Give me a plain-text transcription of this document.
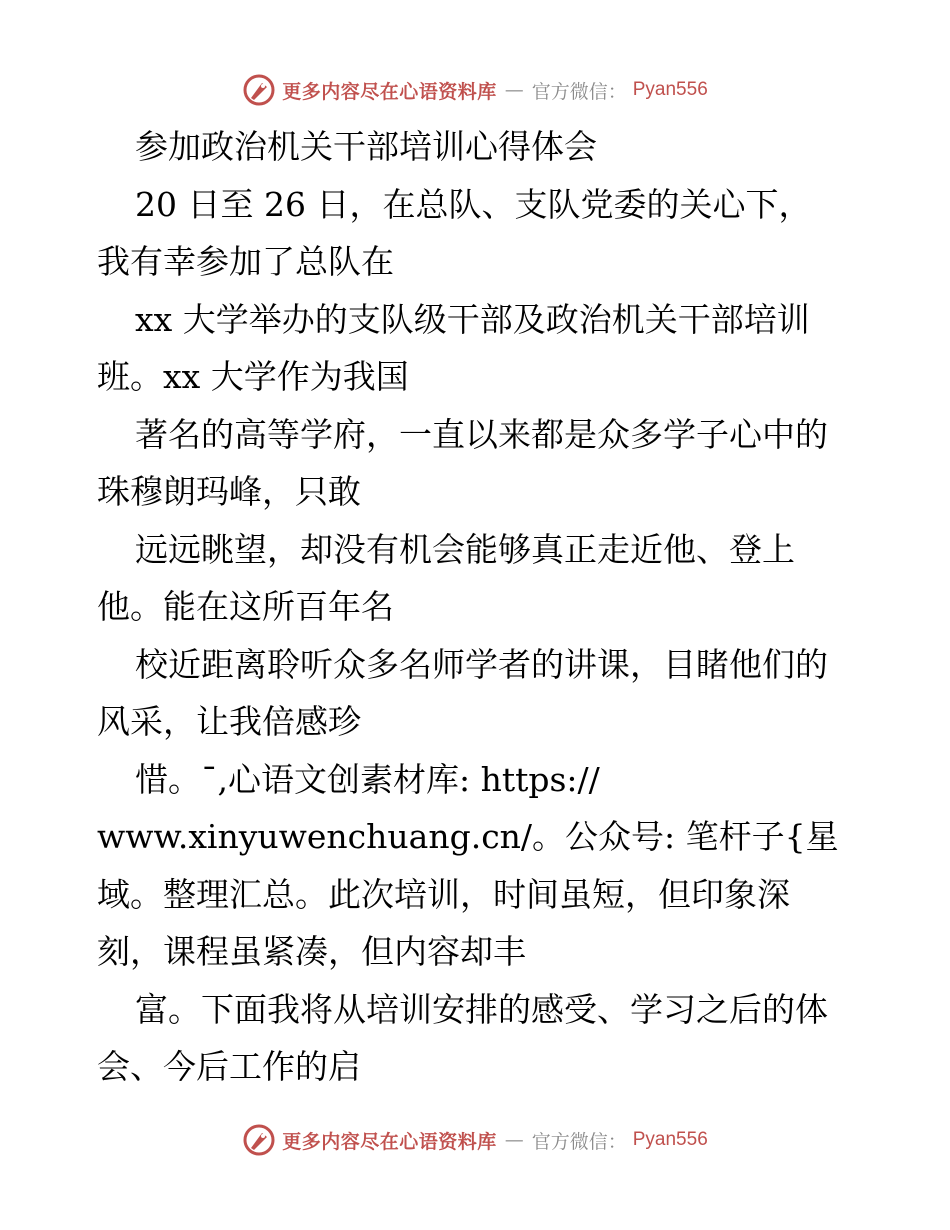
更多内容尽在心语资料库 — 官方微信： Pyan556
参加政治机关干部培训心得体会
20 日至 26 日，在总队、支队党委的关心下，
我有幸参加了总队在
xx 大学举办的支队级干部及政治机关干部培训
班。xx 大学作为我国
著名的高等学府，一直以来都是众多学子心中的
珠穆朗玛峰，只敢
远远眺望，却没有机会能够真正走近他、登上
他。能在这所百年名
校近距离聆听众多名师学者的讲课，目睹他们的
风采，让我倍感珍
惜。¯,心语文创素材库: https://
www.xinyuwenchuang.cn/。公众号: 笔杆子{星
域。整理汇总。此次培训，时间虽短，但印象深
刻，课程虽紧凑，但内容却丰
富。下面我将从培训安排的感受、学习之后的体
会、今后工作的启
更多内容尽在心语资料库 — 官方微信： Pyan556
